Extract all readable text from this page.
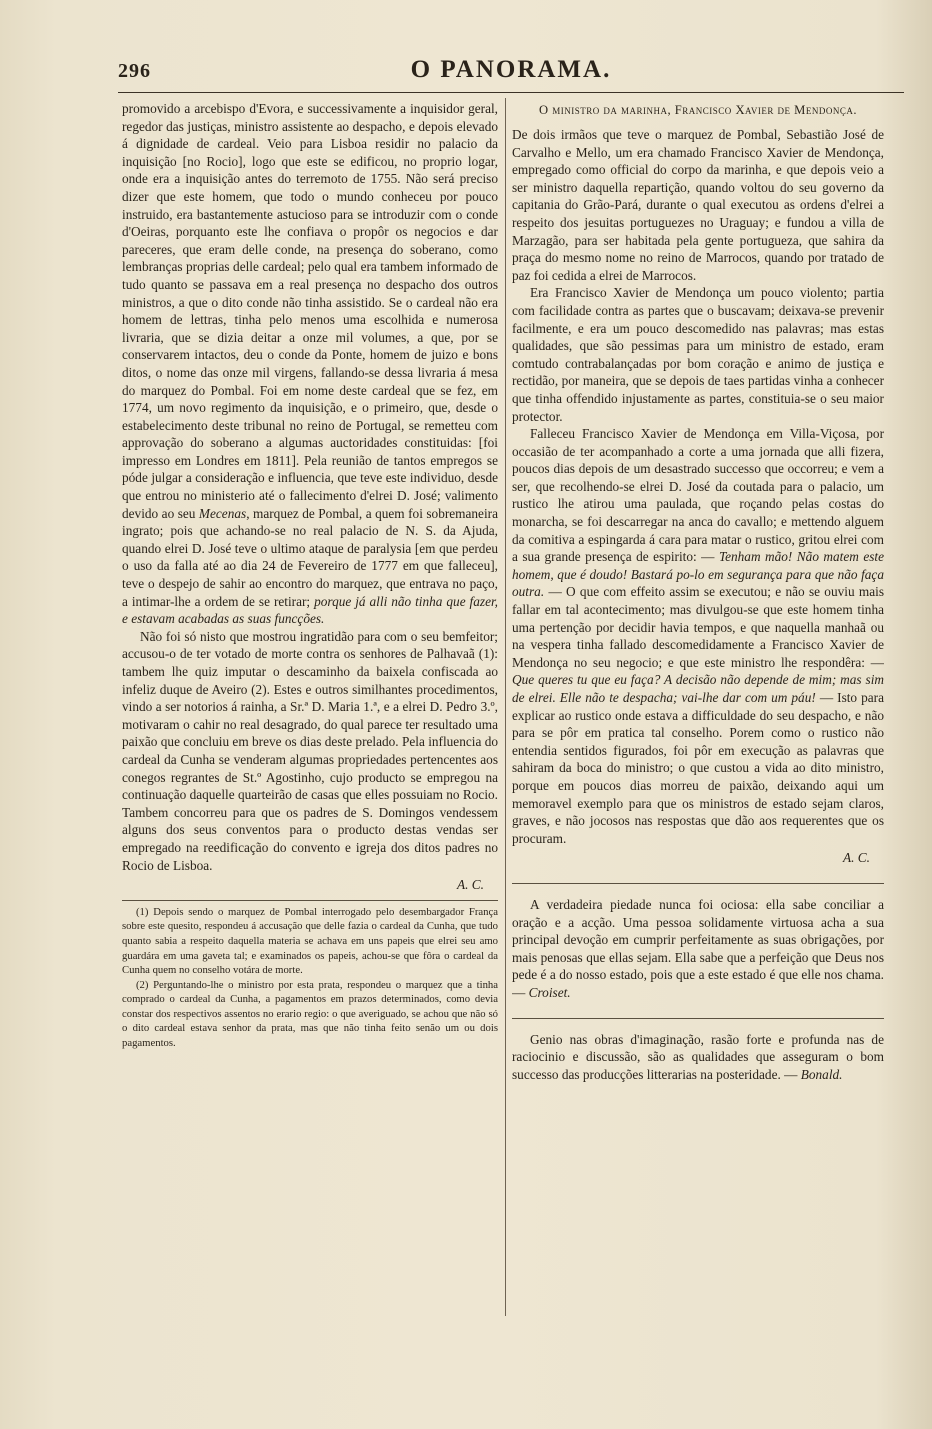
296	O PANORAMA.

promovido a arcebispo d'Evora, e successivamente a inquisidor geral, regedor das justiças, ministro assistente ao despacho, e depois elevado á dignidade de cardeal. Veio para Lisboa residir no palacio da inquisição [no Rocio], logo que este se edificou, no proprio logar, onde era a inquisição antes do terremoto de 1755. Não será preciso dizer que este homem, que todo o mundo conheceu por pouco instruido, era bastantemente astucioso para se introduzir com o conde d'Oeiras, porquanto este lhe confiava o propôr os negocios e dar pareceres, que eram delle conde, na presença do soberano, como lembranças proprias delle cardeal; pelo qual era tambem informado de tudo quanto se passava em a real presença no despacho dos outros ministros, a que o dito conde não tinha assistido. Se o cardeal não era homem de lettras, tinha pelo menos uma escolhida e numerosa livraria, que se dizia deitar a onze mil volumes, a que, por se conservarem intactos, deu o conde da Ponte, homem de juizo e bons ditos, o nome das onze mil virgens, fallando-se dessa livraria á mesa do marquez do Pombal. Foi em nome deste cardeal que se fez, em 1774, um novo regimento da inquisição, e o primeiro, que, desde o estabelecimento deste tribunal no reino de Portugal, se remetteu com approvação do soberano a algumas auctoridades constituidas: [foi impresso em Londres em 1811]. Pela reunião de tantos empregos se póde julgar a consideração e influencia, que teve este individuo, desde que entrou no ministerio até o fallecimento d'elrei D. José; valimento devido ao seu Mecenas, marquez de Pombal, a quem foi sobremaneira ingrato; pois que achando-se no real palacio de N. S. da Ajuda, quando elrei D. José teve o ultimo ataque de paralysia [em que perdeu o uso da falla até ao dia 24 de Fevereiro de 1777 em que falleceu], teve o despejo de sahir ao encontro do marquez, que entrava no paço, a intimar-lhe a ordem de se retirar; porque já alli não tinha que fazer, e estavam acabadas as suas funcções.

Não foi só nisto que mostrou ingratidão para com o seu bemfeitor; accusou-o de ter votado de morte contra os senhores de Palhavaã (1): tambem lhe quiz imputar o descaminho da baixela confiscada ao infeliz duque de Aveiro (2). Estes e outros similhantes procedimentos, vindo a ser notorios á rainha, a Sr.ª D. Maria 1.ª, e a elrei D. Pedro 3.º, motivaram o cahir no real desagrado, do qual parece ter resultado uma paixão que concluiu em breve os dias deste prelado. Pela influencia do cardeal da Cunha se venderam algumas propriedades pertencentes aos conegos regrantes de St.º Agostinho, cujo producto se empregou na continuação daquelle quarteirão de casas que elles possuiam no Rocio. Tambem concorreu para que os padres de S. Domingos vendessem alguns dos seus conventos para o producto destas vendas ser empregado na reedificação do convento e igreja dos ditos padres no Rocio de Lisboa.

A. C.

(1) Depois sendo o marquez de Pombal interrogado pelo desembargador França sobre este quesito, respondeu á accusação que delle fazia o cardeal da Cunha, que tudo quanto sabia a respeito daquella materia se achava em uns papeis que elrei seu amo guardára em uma gaveta tal; e examinados os papeis, achou-se que fôra o cardeal da Cunha quem no conselho votára de morte.

(2) Perguntando-lhe o ministro por esta prata, respondeu o marquez que a tinha comprado o cardeal da Cunha, a pagamentos em prazos determinados, como devia constar dos respectivos assentos no erario regio: o que averiguado, se achou que não só o dito cardeal estava senhor da prata, mas que não tinha feito senão um ou dois pagamentos.

O ministro da marinha, Francisco Xavier de Mendonça.

De dois irmãos que teve o marquez de Pombal, Sebastião José de Carvalho e Mello, um era chamado Francisco Xavier de Mendonça, empregado como official do corpo da marinha, e que depois veio a ser ministro daquella repartição, quando voltou do seu governo da capitania do Grão-Pará, durante o qual executou as ordens d'elrei a respeito dos jesuitas portuguezes no Uraguay; e fundou a villa de Marzagão, para ser habitada pela gente portugueza, que sahira da praça do mesmo nome no reino de Marrocos, quando por tratado de paz foi cedida a elrei de Marrocos.

Era Francisco Xavier de Mendonça um pouco violento; partia com facilidade contra as partes que o buscavam; deixava-se prevenir facilmente, e era um pouco descomedido nas palavras; mas estas qualidades, que são pessimas para um ministro de estado, eram comtudo contrabalançadas por bom coração e animo de justiça e rectidão, por maneira, que se depois de taes partidas vinha a conhecer que tinha offendido injustamente as partes, constituia-se o seu maior protector.

Falleceu Francisco Xavier de Mendonça em Villa-Viçosa, por occasião de ter acompanhado a corte a uma jornada que alli fizera, poucos dias depois de um desastrado successo que occorreu; e vem a ser, que recolhendo-se elrei D. José da coutada para o palacio, um rustico lhe atirou uma paulada, que roçando pelas costas do monarcha, se foi descarregar na anca do cavallo; e mettendo alguem da comitiva a espingarda á cara para matar o rustico, gritou elrei com a sua grande presença de espirito: — Tenham mão! Não matem este homem, que é doudo! Bastará po-lo em segurança para que não faça outra. — O que com effeito assim se executou; e não se ouviu mais fallar em tal acontecimento; mas divulgou-se que este homem tinha uma pertenção por decidir havia tempos, e que naquella manhaã ou na vespera tinha fallado descomedidamente a Francisco Xavier de Mendonça no seu negocio; e que este ministro lhe respondêra: — Que queres tu que eu faça? A decisão não depende de mim; mas sim de elrei. Elle não te despacha; vai-lhe dar com um páu! — Isto para explicar ao rustico onde estava a difficuldade do seu despacho, e não para se pôr em pratica tal conselho. Porem como o rustico não entendia sentidos figurados, foi pôr em execução as palavras que sahiram da boca do ministro; o que custou a vida ao dito ministro, porque em poucos dias morreu de paixão, deixando aqui um memoravel exemplo para que os ministros de estado sejam claros, graves, e não jocosos nas respostas que dão aos requerentes que os procuram.

A. C.

A verdadeira piedade nunca foi ociosa: ella sabe conciliar a oração e a acção. Uma pessoa solidamente virtuosa acha a sua principal devoção em cumprir perfeitamente as suas obrigações, por mais penosas que ellas sejam. Ella sabe que a perfeição que Deus nos pede é a do nosso estado, pois que a este estado é que elle nos chama. — Croiset.

Genio nas obras d'imaginação, rasão forte e profunda nas de raciocinio e discussão, são as qualidades que asseguram o bom successo das producções litterarias na posteridade. — Bonald.
